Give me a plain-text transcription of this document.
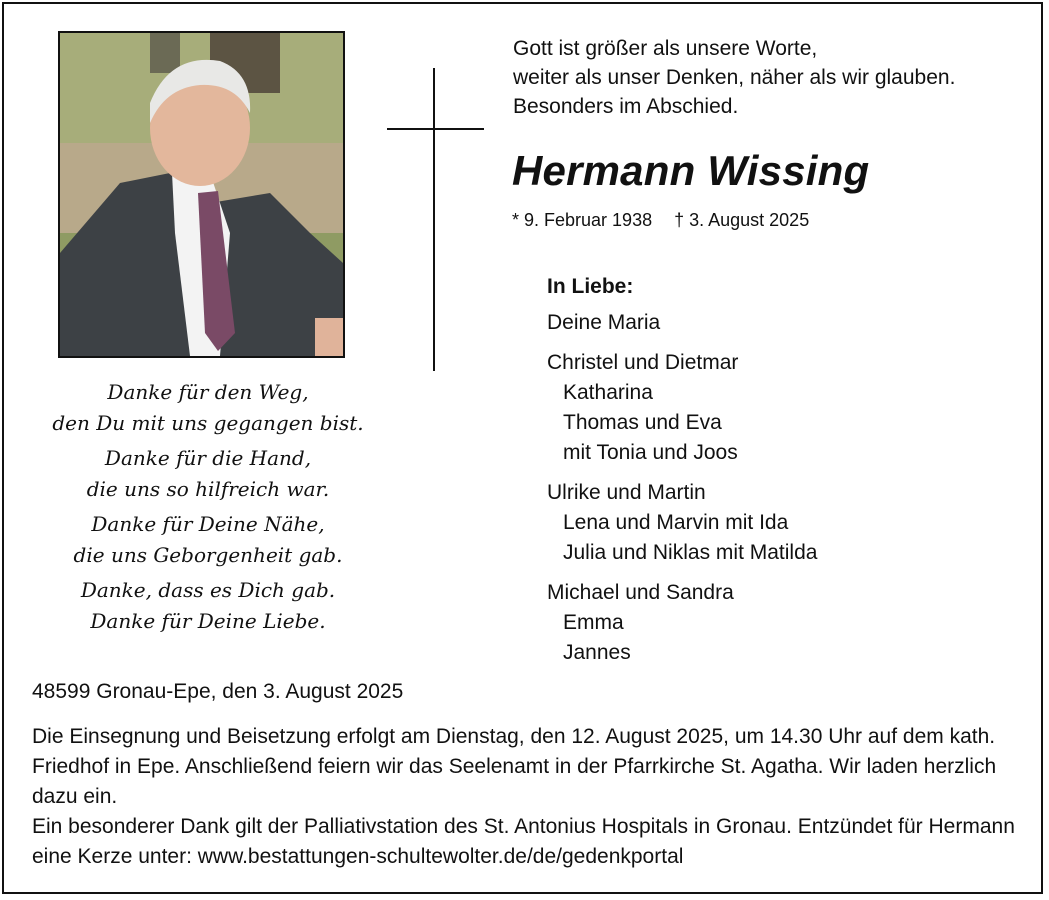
Gott ist größer als unsere Worte,
weiter als unser Denken, näher als wir glauben.
Besonders im Abschied.
Hermann Wissing
* 9. Februar 1938 † 3. August 2025
In Liebe:
Deine Maria
Christel und Dietmar
Katharina
Thomas und Eva
mit Tonia und Joos
Ulrike und Martin
Lena und Marvin mit Ida
Julia und Niklas mit Matilda
Michael und Sandra
Emma
Jannes
Danke für den Weg,
den Du mit uns gegangen bist.
Danke für die Hand,
die uns so hilfreich war.
Danke für Deine Nähe,
die uns Geborgenheit gab.
Danke, dass es Dich gab.
Danke für Deine Liebe.
48599 Gronau-Epe, den 3. August 2025
Die Einsegnung und Beisetzung erfolgt am Dienstag, den 12. August 2025, um 14.30 Uhr auf dem kath. Friedhof in Epe. Anschließend feiern wir das Seelenamt in der Pfarrkirche St. Agatha. Wir laden herzlich dazu ein.
Ein besonderer Dank gilt der Palliativstation des St. Antonius Hospitals in Gronau. Entzündet für Hermann eine Kerze unter: www.bestattungen-schultewolter.de/de/gedenkportal
